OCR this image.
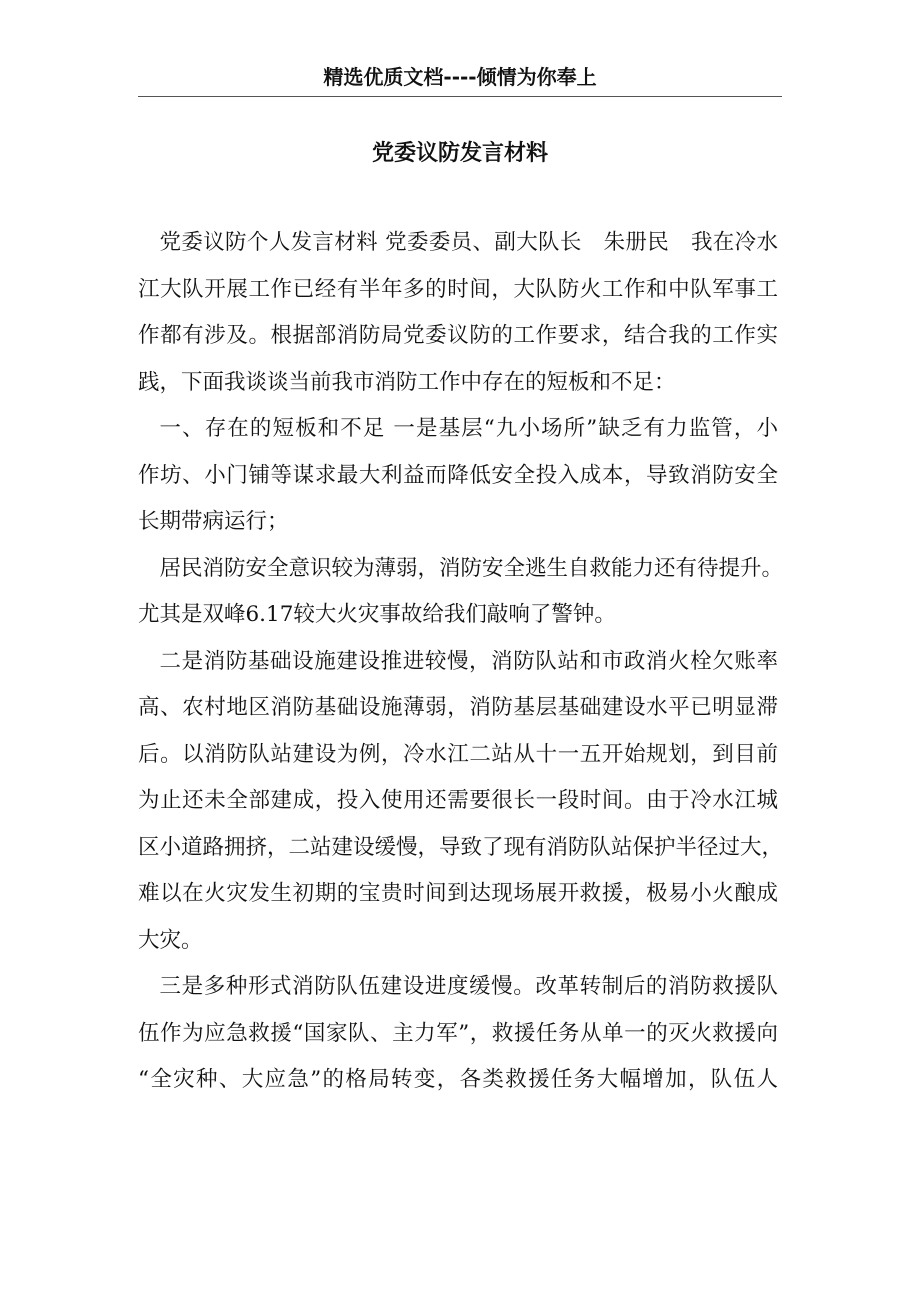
精选优质文档----倾情为你奉上
党委议防发言材料
党委议防个人发言材料 党委委员、副大队长　朱册民　我在冷水
江大队开展工作已经有半年多的时间，大队防火工作和中队军事工
作都有涉及。根据部消防局党委议防的工作要求，结合我的工作实
践，下面我谈谈当前我市消防工作中存在的短板和不足：
一、存在的短板和不足 一是基层“九小场所”缺乏有力监管，小
作坊、小门铺等谋求最大利益而降低安全投入成本，导致消防安全
长期带病运行；
居民消防安全意识较为薄弱，消防安全逃生自救能力还有待提升。
尤其是双峰6.17较大火灾事故给我们敲响了警钟。
二是消防基础设施建设推进较慢，消防队站和市政消火栓欠账率
高、农村地区消防基础设施薄弱，消防基层基础建设水平已明显滞
后。以消防队站建设为例，冷水江二站从十一五开始规划，到目前
为止还未全部建成，投入使用还需要很长一段时间。由于冷水江城
区小道路拥挤，二站建设缓慢，导致了现有消防队站保护半径过大，
难以在火灾发生初期的宝贵时间到达现场展开救援，极易小火酿成
大灾。
三是多种形式消防队伍建设进度缓慢。改革转制后的消防救援队
伍作为应急救援“国家队、主力军”，救援任务从单一的灭火救援向
“全灾种、大应急”的格局转变，各类救援任务大幅增加，队伍人
